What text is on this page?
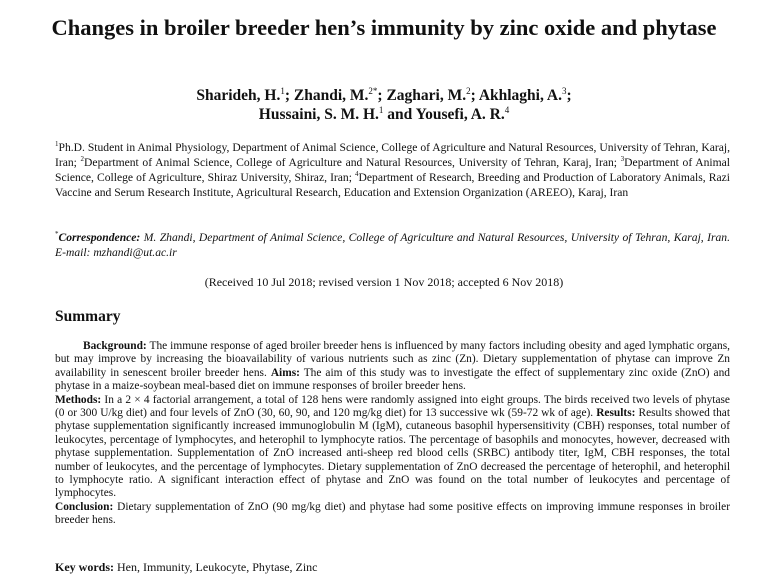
Changes in broiler breeder hen’s immunity by zinc oxide and phytase
Sharideh, H.$^1$; Zhandi, M.$^{2*}$; Zaghari, M.$^2$; Akhlaghi, A.$^3$;
Hussaini, S. M. H.$^1$ and Yousefi, A. R.$^4$
$^1$Ph.D. Student in Animal Physiology, Department of Animal Science, College of Agriculture and Natural Resources, University of Tehran, Karaj, Iran; $^2$Department of Animal Science, College of Agriculture and Natural Resources, University of Tehran, Karaj, Iran; $^3$Department of Animal Science, College of Agriculture, Shiraz University, Shiraz, Iran; $^4$Department of Research, Breeding and Production of Laboratory Animals, Razi Vaccine and Serum Research Institute, Agricultural Research, Education and Extension Organization (AREEO), Karaj, Iran
*Correspondence: M. Zhandi, Department of Animal Science, College of Agriculture and Natural Resources, University of Tehran, Karaj, Iran. E-mail: mzhandi@ut.ac.ir
(Received 10 Jul 2018; revised version 1 Nov 2018; accepted 6 Nov 2018)
Summary
Background: The immune response of aged broiler breeder hens is influenced by many factors including obesity and aged lymphatic organs, but may improve by increasing the bioavailability of various nutrients such as zinc (Zn). Dietary supplementation of phytase can improve Zn availability in senescent broiler breeder hens. Aims: The aim of this study was to investigate the effect of supplementary zinc oxide (ZnO) and phytase in a maize-soybean meal-based diet on immune responses of broiler breeder hens.
Methods: In a 2 × 4 factorial arrangement, a total of 128 hens were randomly assigned into eight groups. The birds received two levels of phytase (0 or 300 U/kg diet) and four levels of ZnO (30, 60, 90, and 120 mg/kg diet) for 13 successive wk (59-72 wk of age). Results: Results showed that phytase supplementation significantly increased immunoglobulin M (IgM), cutaneous basophil hypersensitivity (CBH) responses, total number of leukocytes, percentage of lymphocytes, and heterophil to lymphocyte ratios. The percentage of basophils and monocytes, however, decreased with phytase supplementation. Supplementation of ZnO increased anti-sheep red blood cells (SRBC) antibody titer, IgM, CBH responses, the total number of leukocytes, and the percentage of lymphocytes. Dietary supplementation of ZnO decreased the percentage of heterophil, and heterophil to lymphocyte ratio. A significant interaction effect of phytase and ZnO was found on the total number of leukocytes and percentage of lymphocytes.
Conclusion: Dietary supplementation of ZnO (90 mg/kg diet) and phytase had some positive effects on improving immune responses in broiler breeder hens.
Key words: Hen, Immunity, Leukocyte, Phytase, Zinc
